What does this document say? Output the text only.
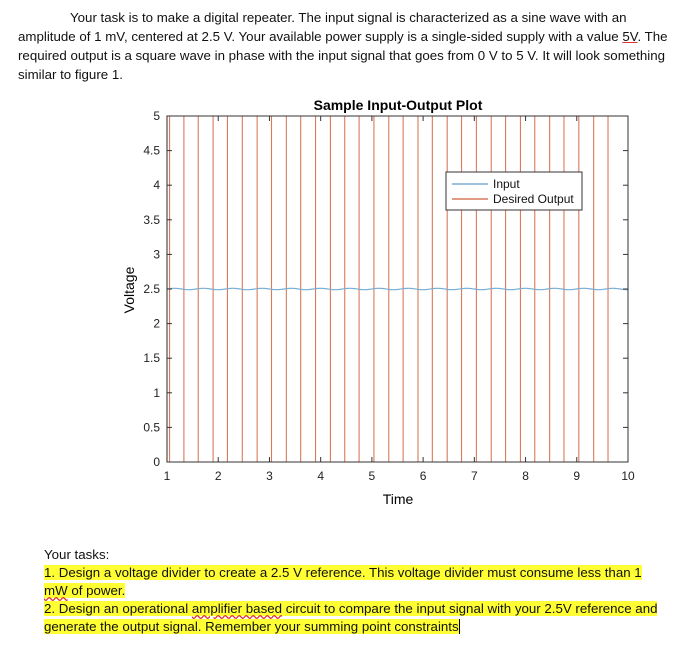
Your task is to make a digital repeater. The input signal is characterized as a sine wave with an amplitude of 1 mV, centered at 2.5 V. Your available power supply is a single-sided supply with a value 5V. The required output is a square wave in phase with the input signal that goes from 0 V to 5 V. It will look something similar to figure 1.

0
0.5
1
1.5
2
2.5
3
3.5
4
4.5
5
1	2	3	4	5	6	7	8	9	10
Input
Desired Output
Sample Input-Output Plot
Time
Voltage
Your tasks:
1. Design a voltage divider to create a 2.5 V reference. This voltage divider must consume less than 1 mW of power.
2. Design an operational amplifier based circuit to compare the input signal with your 2.5V reference and generate the output signal. Remember your summing point constraints
